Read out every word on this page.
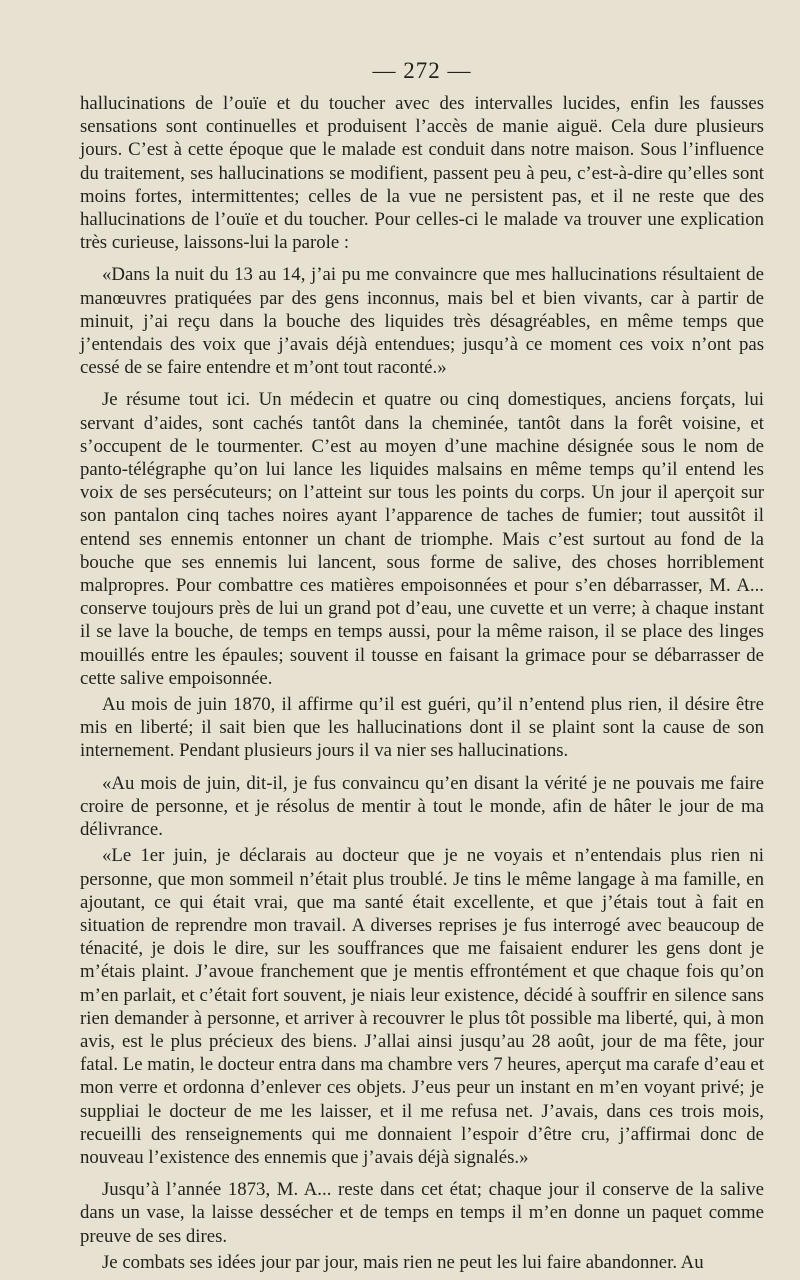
— 272 —

hallucinations de l’ouïe et du toucher avec des intervalles lucides, enfin les fausses sensations sont continuelles et produisent l’accès de manie aiguë. Cela dure plusieurs jours. C’est à cette époque que le malade est conduit dans notre maison. Sous l’influence du traitement, ses hallucinations se modifient, passent peu à peu, c’est-à-dire qu’elles sont moins fortes, intermittentes; celles de la vue ne persistent pas, et il ne reste que des hallucinations de l’ouïe et du toucher. Pour celles-ci le malade va trouver une explication très curieuse, laissons-lui la parole :

«Dans la nuit du 13 au 14, j’ai pu me convaincre que mes hallucinations résultaient de manœuvres pratiquées par des gens inconnus, mais bel et bien vivants, car à partir de minuit, j’ai reçu dans la bouche des liquides très désagréables, en même temps que j’entendais des voix que j’avais déjà entendues; jusqu’à ce moment ces voix n’ont pas cessé de se faire entendre et m’ont tout raconté.»

Je résume tout ici. Un médecin et quatre ou cinq domestiques, anciens forçats, lui servant d’aides, sont cachés tantôt dans la cheminée, tantôt dans la forêt voisine, et s’occupent de le tourmenter. C’est au moyen d’une machine désignée sous le nom de panto-télégraphe qu’on lui lance les liquides malsains en même temps qu’il entend les voix de ses persécuteurs; on l’atteint sur tous les points du corps. Un jour il aperçoit sur son pantalon cinq taches noires ayant l’apparence de taches de fumier; tout aussitôt il entend ses ennemis entonner un chant de triomphe. Mais c’est surtout au fond de la bouche que ses ennemis lui lancent, sous forme de salive, des choses horriblement malpropres. Pour combattre ces matières empoisonnées et pour s’en débarrasser, M. A... conserve toujours près de lui un grand pot d’eau, une cuvette et un verre; à chaque instant il se lave la bouche, de temps en temps aussi, pour la même raison, il se place des linges mouillés entre les épaules; souvent il tousse en faisant la grimace pour se débarrasser de cette salive empoisonnée.

Au mois de juin 1870, il affirme qu’il est guéri, qu’il n’entend plus rien, il désire être mis en liberté; il sait bien que les hallucinations dont il se plaint sont la cause de son internement. Pendant plusieurs jours il va nier ses hallucinations.

«Au mois de juin, dit-il, je fus convaincu qu’en disant la vérité je ne pouvais me faire croire de personne, et je résolus de mentir à tout le monde, afin de hâter le jour de ma délivrance.

«Le 1er juin, je déclarais au docteur que je ne voyais et n’entendais plus rien ni personne, que mon sommeil n’était plus troublé. Je tins le même langage à ma famille, en ajoutant, ce qui était vrai, que ma santé était excellente, et que j’étais tout à fait en situation de reprendre mon travail. A diverses reprises je fus interrogé avec beaucoup de ténacité, je dois le dire, sur les souffrances que me faisaient endurer les gens dont je m’étais plaint. J’avoue franchement que je mentis effrontément et que chaque fois qu’on m’en parlait, et c’était fort souvent, je niais leur existence, décidé à souffrir en silence sans rien demander à personne, et arriver à recouvrer le plus tôt possible ma liberté, qui, à mon avis, est le plus précieux des biens. J’allai ainsi jusqu’au 28 août, jour de ma fête, jour fatal. Le matin, le docteur entra dans ma chambre vers 7 heures, aperçut ma carafe d’eau et mon verre et ordonna d’enlever ces objets. J’eus peur un instant en m’en voyant privé; je suppliai le docteur de me les laisser, et il me refusa net. J’avais, dans ces trois mois, recueilli des renseignements qui me donnaient l’espoir d’être cru, j’affirmai donc de nouveau l’existence des ennemis que j’avais déjà signalés.»

Jusqu’à l’année 1873, M. A... reste dans cet état; chaque jour il conserve de la salive dans un vase, la laisse dessécher et de temps en temps il m’en donne un paquet comme preuve de ses dires.

Je combats ses idées jour par jour, mais rien ne peut les lui faire abandonner. Au
